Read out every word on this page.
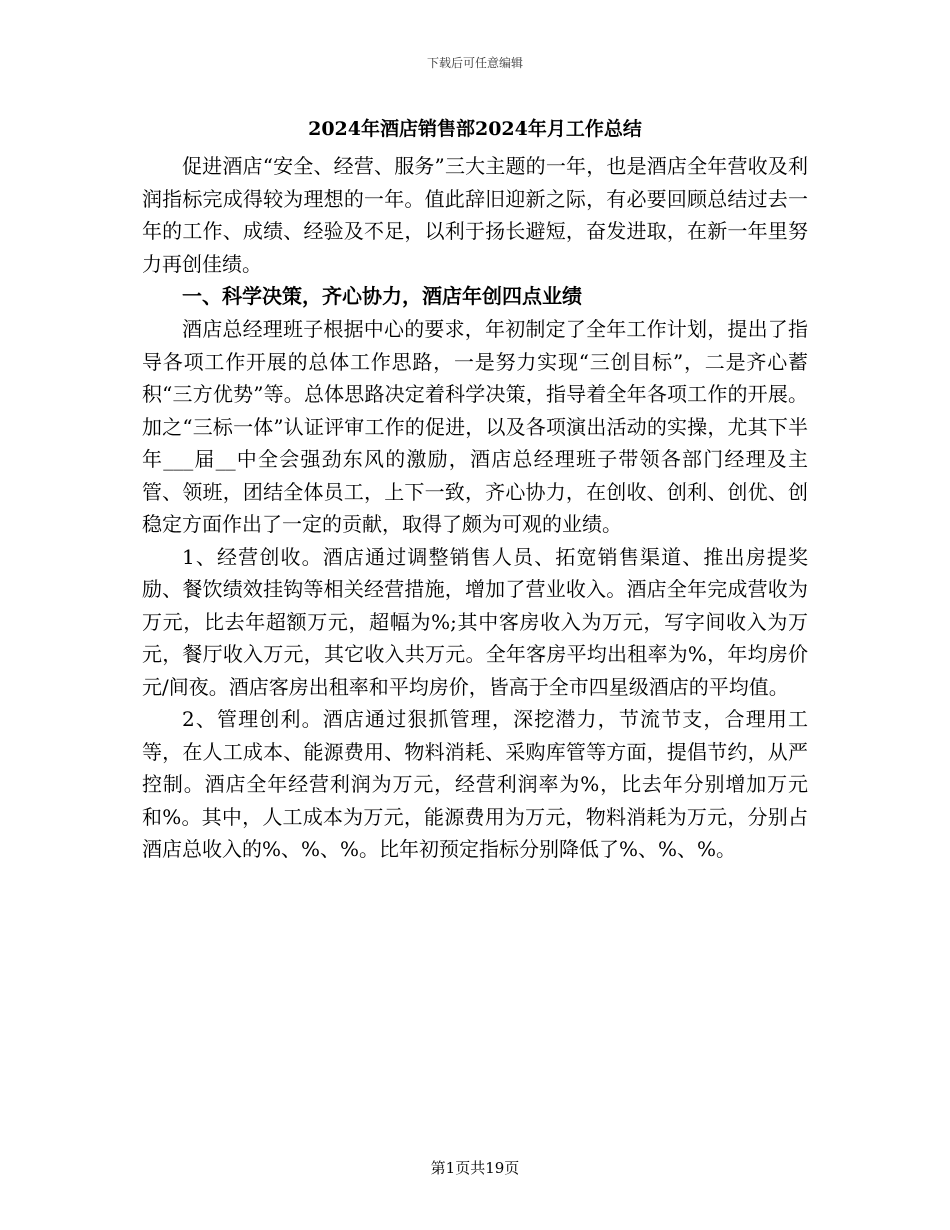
下载后可任意编辑
2024年酒店销售部2024年月工作总结

促进酒店“安全、经营、服务”三大主题的一年，也是酒店全年营收及利润指标完成得较为理想的一年。值此辞旧迎新之际，有必要回顾总结过去一年的工作、成绩、经验及不足，以利于扬长避短，奋发进取，在新一年里努力再创佳绩。

一、科学决策，齐心协力，酒店年创四点业绩

酒店总经理班子根据中心的要求，年初制定了全年工作计划，提出了指导各项工作开展的总体工作思路，一是努力实现“三创目标”，二是齐心蓄积“三方优势”等。总体思路决定着科学决策，指导着全年各项工作的开展。加之“三标一体”认证评审工作的促进，以及各项演出活动的实操，尤其下半年___届__中全会强劲东风的激励，酒店总经理班子带领各部门经理及主管、领班，团结全体员工，上下一致，齐心协力，在创收、创利、创优、创稳定方面作出了一定的贡献，取得了颇为可观的业绩。

1、经营创收。酒店通过调整销售人员、拓宽销售渠道、推出房提奖励、餐饮绩效挂钩等相关经营措施，增加了营业收入。酒店全年完成营收为万元，比去年超额万元，超幅为%;其中客房收入为万元，写字间收入为万元，餐厅收入万元，其它收入共万元。全年客房平均出租率为%，年均房价元/间夜。酒店客房出租率和平均房价，皆高于全市四星级酒店的平均值。

2、管理创利。酒店通过狠抓管理，深挖潜力，节流节支，合理用工等，在人工成本、能源费用、物料消耗、采购库管等方面，提倡节约，从严控制。酒店全年经营利润为万元，经营利润率为%，比去年分别增加万元和%。其中，人工成本为万元，能源费用为万元，物料消耗为万元，分别占酒店总收入的%、%、%。比年初预定指标分别降低了%、%、%。

第1页共19页
